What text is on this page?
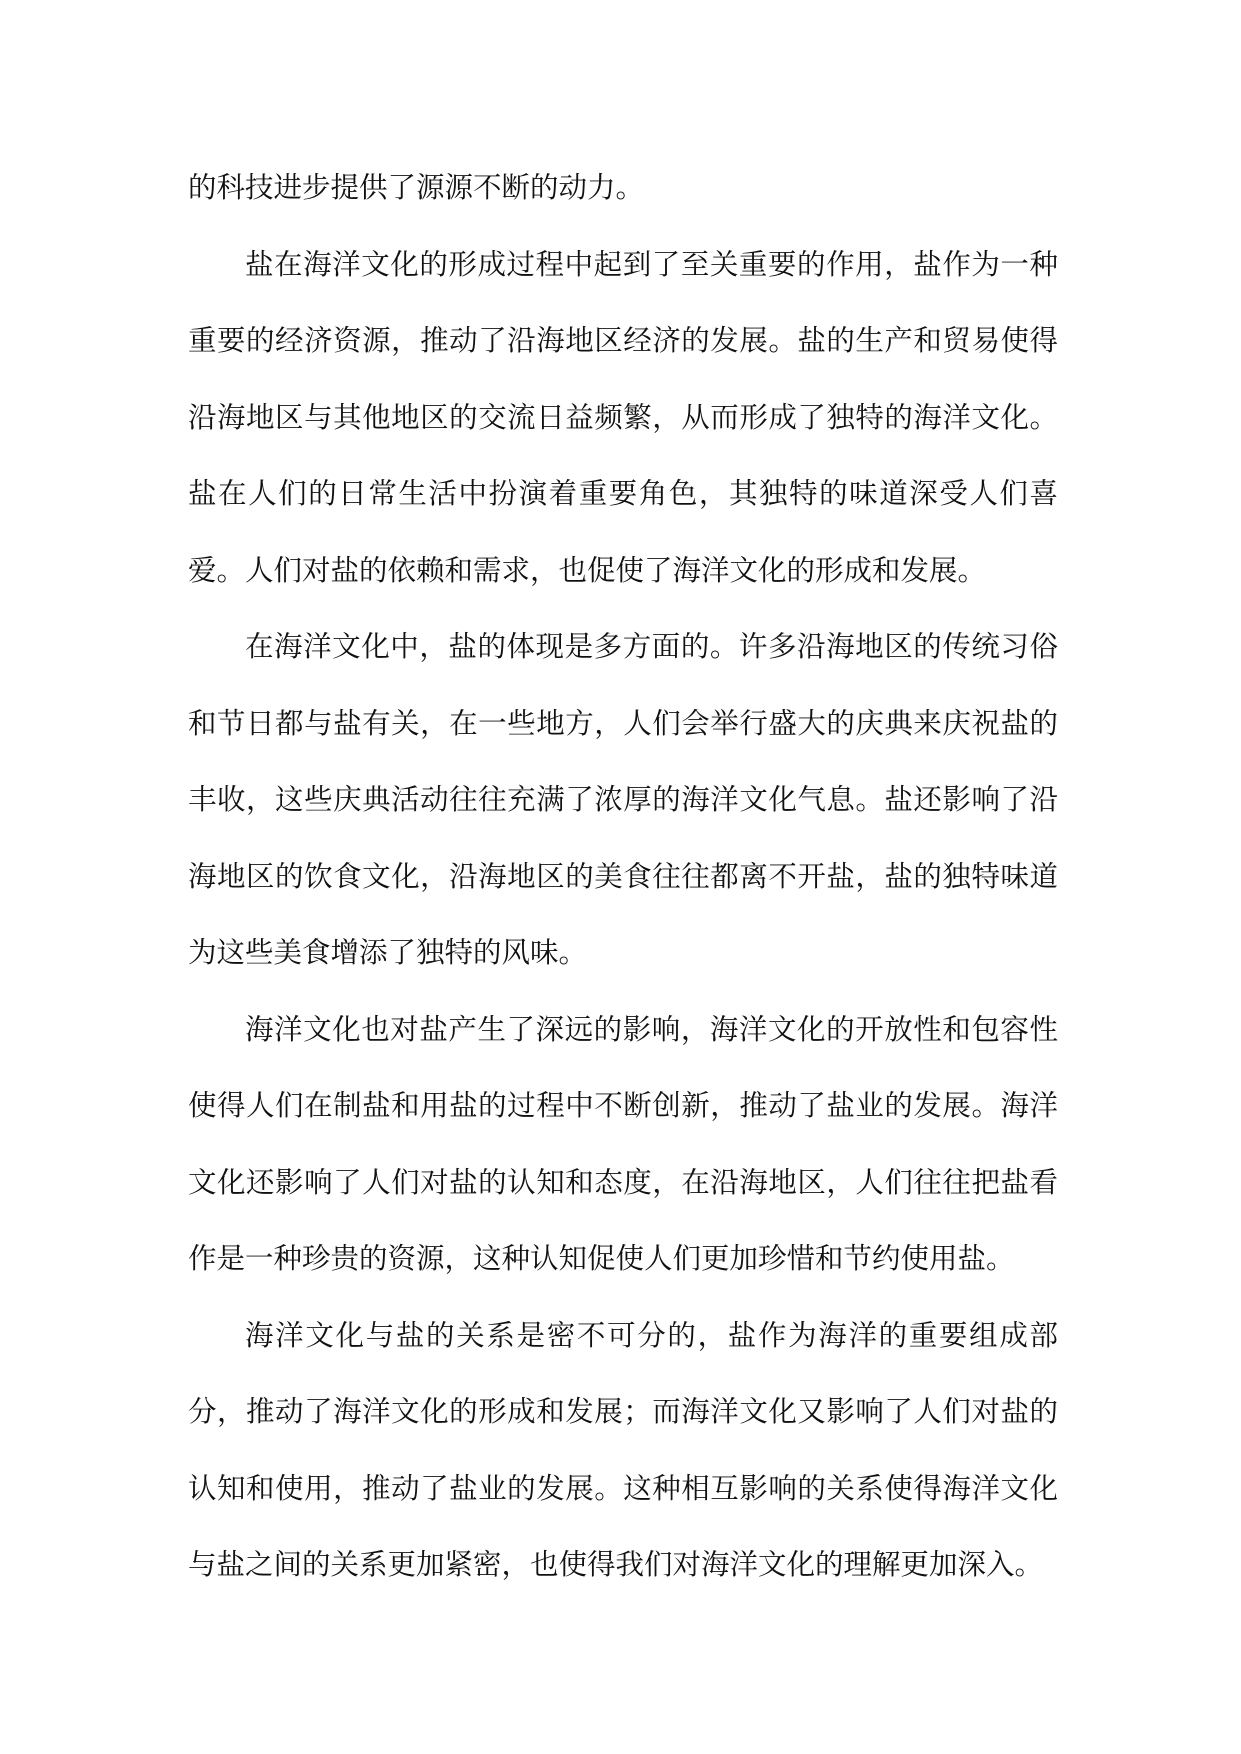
的科技进步提供了源源不断的动力。

盐在海洋文化的形成过程中起到了至关重要的作用，盐作为一种重要的经济资源，推动了沿海地区经济的发展。盐的生产和贸易使得沿海地区与其他地区的交流日益频繁，从而形成了独特的海洋文化。盐在人们的日常生活中扮演着重要角色，其独特的味道深受人们喜爱。人们对盐的依赖和需求，也促使了海洋文化的形成和发展。

在海洋文化中，盐的体现是多方面的。许多沿海地区的传统习俗和节日都与盐有关，在一些地方，人们会举行盛大的庆典来庆祝盐的丰收，这些庆典活动往往充满了浓厚的海洋文化气息。盐还影响了沿海地区的饮食文化，沿海地区的美食往往都离不开盐，盐的独特味道为这些美食增添了独特的风味。

海洋文化也对盐产生了深远的影响，海洋文化的开放性和包容性使得人们在制盐和用盐的过程中不断创新，推动了盐业的发展。海洋文化还影响了人们对盐的认知和态度，在沿海地区，人们往往把盐看作是一种珍贵的资源，这种认知促使人们更加珍惜和节约使用盐。

海洋文化与盐的关系是密不可分的，盐作为海洋的重要组成部分，推动了海洋文化的形成和发展；而海洋文化又影响了人们对盐的认知和使用，推动了盐业的发展。这种相互影响的关系使得海洋文化与盐之间的关系更加紧密，也使得我们对海洋文化的理解更加深入。
